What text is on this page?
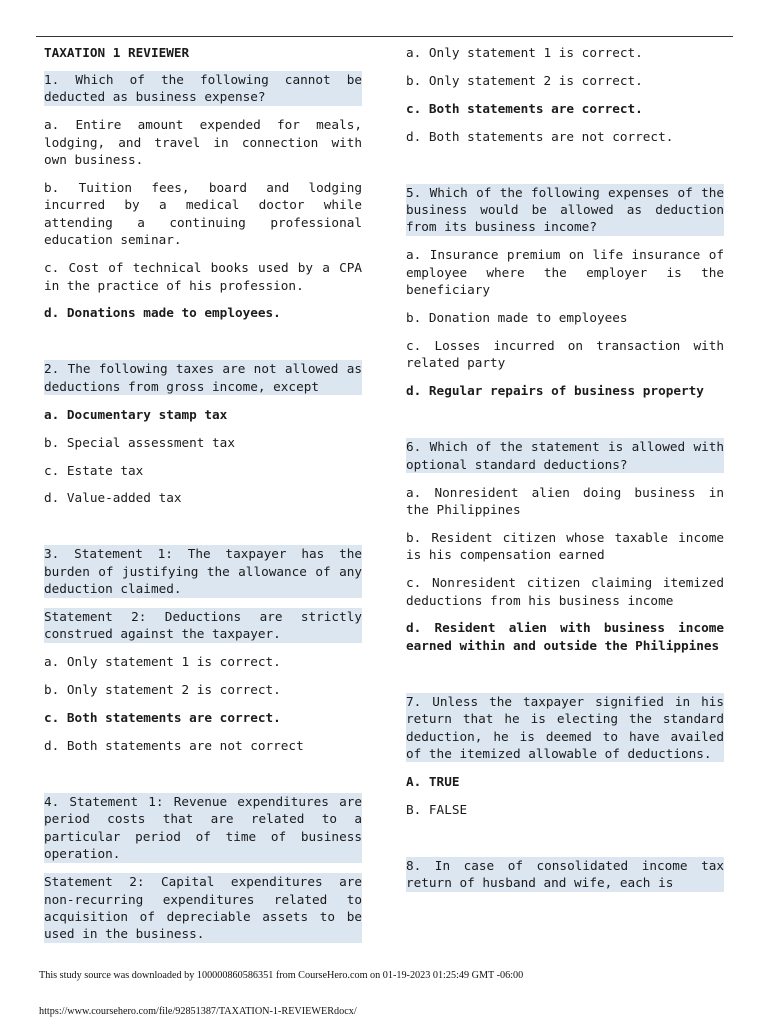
TAXATION 1 REVIEWER
1. Which of the following cannot be deducted as business expense?
a. Entire amount expended for meals, lodging, and travel in connection with own business.
b. Tuition fees, board and lodging incurred by a medical doctor while attending a continuing professional education seminar.
c. Cost of technical books used by a CPA in the practice of his profession.
d. Donations made to employees.
2. The following taxes are not allowed as deductions from gross income, except
a. Documentary stamp tax
b. Special assessment tax
c. Estate tax
d. Value-added tax
3. Statement 1: The taxpayer has the burden of justifying the allowance of any deduction claimed.
Statement 2: Deductions are strictly construed against the taxpayer.
a. Only statement 1 is correct.
b. Only statement 2 is correct.
c. Both statements are correct.
d. Both statements are not correct
4. Statement 1: Revenue expenditures are period costs that are related to a particular period of time of business operation.
Statement 2: Capital expenditures are non-recurring expenditures related to acquisition of depreciable assets to be used in the business.
a. Only statement 1 is correct.
b. Only statement 2 is correct.
c. Both statements are correct.
d. Both statements are not correct.
5. Which of the following expenses of the business would be allowed as deduction from its business income?
a. Insurance premium on life insurance of employee where the employer is the beneficiary
b. Donation made to employees
c. Losses incurred on transaction with related party
d. Regular repairs of business property
6. Which of the statement is allowed with optional standard deductions?
a. Nonresident alien doing business in the Philippines
b. Resident citizen whose taxable income is his compensation earned
c. Nonresident citizen claiming itemized deductions from his business income
d. Resident alien with business income earned within and outside the Philippines
7. Unless the taxpayer signified in his return that he is electing the standard deduction, he is deemed to have availed of the itemized allowable of deductions.
A. TRUE
B. FALSE
8. In case of consolidated income tax return of husband and wife, each is
This study source was downloaded by 100000860586351 from CourseHero.com on 01-19-2023 01:25:49 GMT -06:00
https://www.coursehero.com/file/92851387/TAXATION-1-REVIEWERdocx/
